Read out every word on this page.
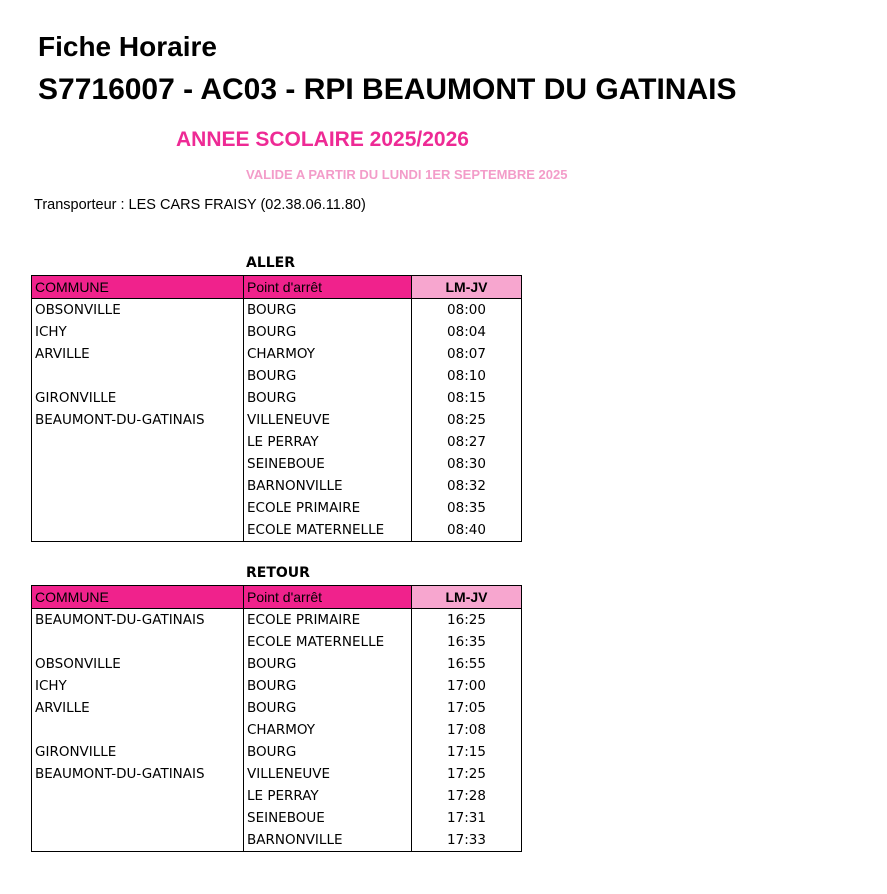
Fiche Horaire
S7716007 - AC03 - RPI BEAUMONT DU GATINAIS
ANNEE SCOLAIRE 2025/2026
VALIDE A PARTIR DU LUNDI 1ER SEPTEMBRE 2025
Transporteur : LES CARS FRAISY (02.38.06.11.80)
ALLER
COMMUNE	Point d'arrêt	LM-JV
OBSONVILLE	BOURG	08:00
ICHY	BOURG	08:04
ARVILLE	CHARMOY	08:07
	BOURG	08:10
GIRONVILLE	BOURG	08:15
BEAUMONT-DU-GATINAIS	VILLENEUVE	08:25
	LE PERRAY	08:27
	SEINEBOUE	08:30
	BARNONVILLE	08:32
	ECOLE PRIMAIRE	08:35
	ECOLE MATERNELLE	08:40
RETOUR
COMMUNE	Point d'arrêt	LM-JV
BEAUMONT-DU-GATINAIS	ECOLE PRIMAIRE	16:25
	ECOLE MATERNELLE	16:35
OBSONVILLE	BOURG	16:55
ICHY	BOURG	17:00
ARVILLE	BOURG	17:05
	CHARMOY	17:08
GIRONVILLE	BOURG	17:15
BEAUMONT-DU-GATINAIS	VILLENEUVE	17:25
	LE PERRAY	17:28
	SEINEBOUE	17:31
	BARNONVILLE	17:33
